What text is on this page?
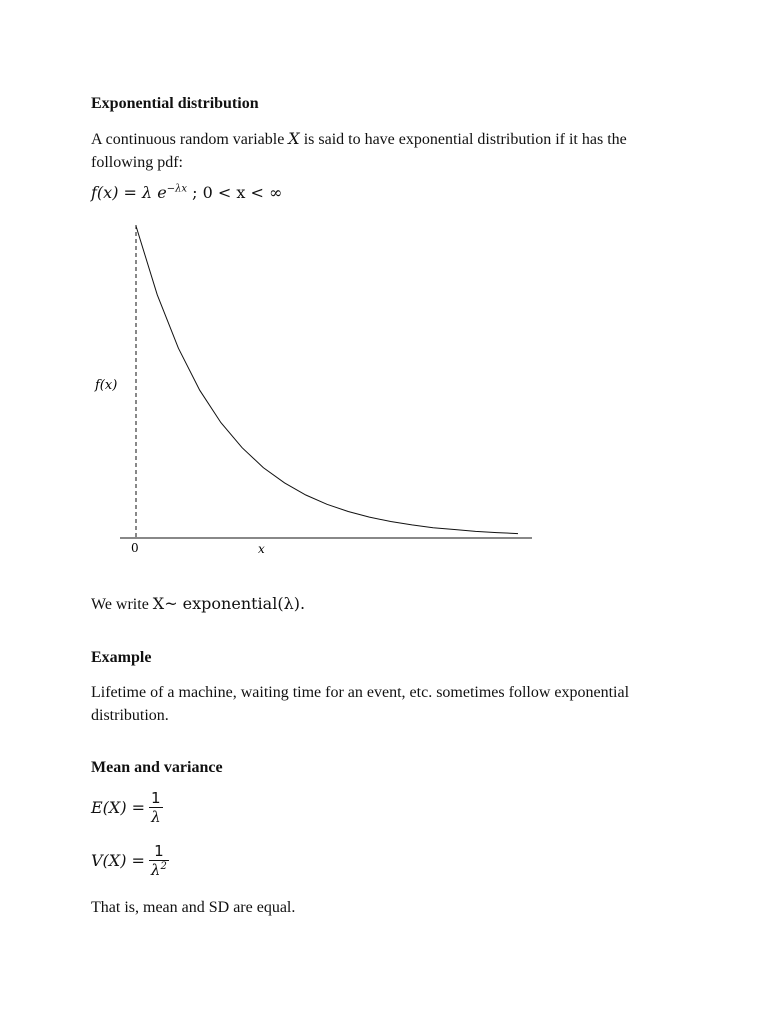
Exponential distribution
A continuous random variable X is said to have exponential distribution if it has the following pdf:
f(x) = λ $e^{-\lambda x}$ ; 0 < x < ∞
0	x
f(x)
We write X~ exponential(λ).
Example
Lifetime of a machine, waiting time for an event, etc. sometimes follow exponential distribution.
Mean and variance
$E(X) = \frac{1}{\lambda}$
$V(X) = \frac{1}{\lambda^2}$
That is, mean and SD are equal.
